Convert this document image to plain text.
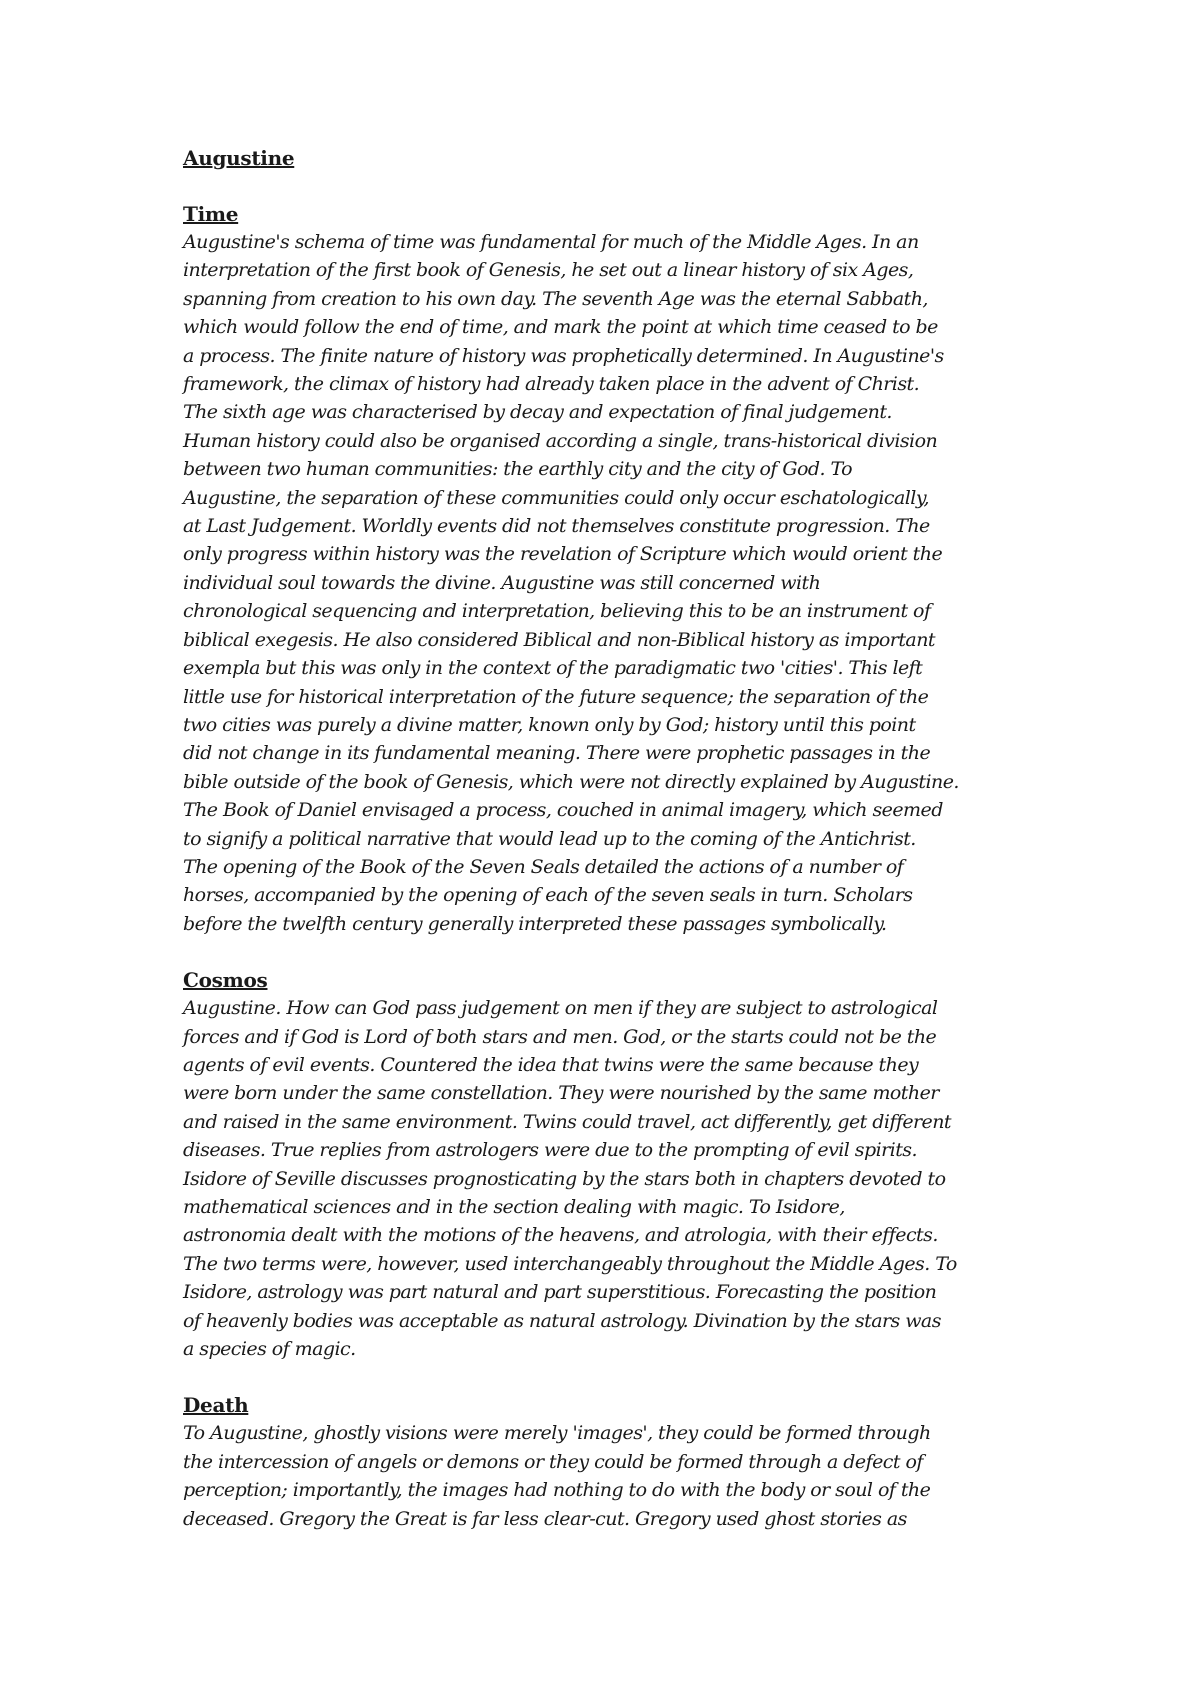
Augustine
Time
Augustine's schema of time was fundamental for much of the Middle Ages. In an
interpretation of the first book of Genesis, he set out a linear history of six Ages,
spanning from creation to his own day. The seventh Age was the eternal Sabbath,
which would follow the end of time, and mark the point at which time ceased to be
a process. The finite nature of history was prophetically determined. In Augustine's
framework, the climax of history had already taken place in the advent of Christ.
The sixth age was characterised by decay and expectation of final judgement.
Human history could also be organised according a single, trans-historical division
between two human communities: the earthly city and the city of God. To
Augustine, the separation of these communities could only occur eschatologically,
at Last Judgement. Worldly events did not themselves constitute progression. The
only progress within history was the revelation of Scripture which would orient the
individual soul towards the divine. Augustine was still concerned with
chronological sequencing and interpretation, believing this to be an instrument of
biblical exegesis. He also considered Biblical and non-Biblical history as important
exempla but this was only in the context of the paradigmatic two 'cities'. This left
little use for historical interpretation of the future sequence; the separation of the
two cities was purely a divine matter, known only by God; history until this point
did not change in its fundamental meaning. There were prophetic passages in the
bible outside of the book of Genesis, which were not directly explained by Augustine.
The Book of Daniel envisaged a process, couched in animal imagery, which seemed
to signify a political narrative that would lead up to the coming of the Antichrist.
The opening of the Book of the Seven Seals detailed the actions of a number of
horses, accompanied by the opening of each of the seven seals in turn. Scholars
before the twelfth century generally interpreted these passages symbolically.
Cosmos
Augustine. How can God pass judgement on men if they are subject to astrological
forces and if God is Lord of both stars and men. God, or the starts could not be the
agents of evil events. Countered the idea that twins were the same because they
were born under the same constellation. They were nourished by the same mother
and raised in the same environment. Twins could travel, act differently, get different
diseases. True replies from astrologers were due to the prompting of evil spirits.
Isidore of Seville discusses prognosticating by the stars both in chapters devoted to
mathematical sciences and in the section dealing with magic. To Isidore,
astronomia dealt with the motions of the heavens, and atrologia, with their effects.
The two terms were, however, used interchangeably throughout the Middle Ages. To
Isidore, astrology was part natural and part superstitious. Forecasting the position
of heavenly bodies was acceptable as natural astrology. Divination by the stars was
a species of magic.
Death
To Augustine, ghostly visions were merely 'images', they could be formed through
the intercession of angels or demons or they could be formed through a defect of
perception; importantly, the images had nothing to do with the body or soul of the
deceased. Gregory the Great is far less clear-cut. Gregory used ghost stories as
